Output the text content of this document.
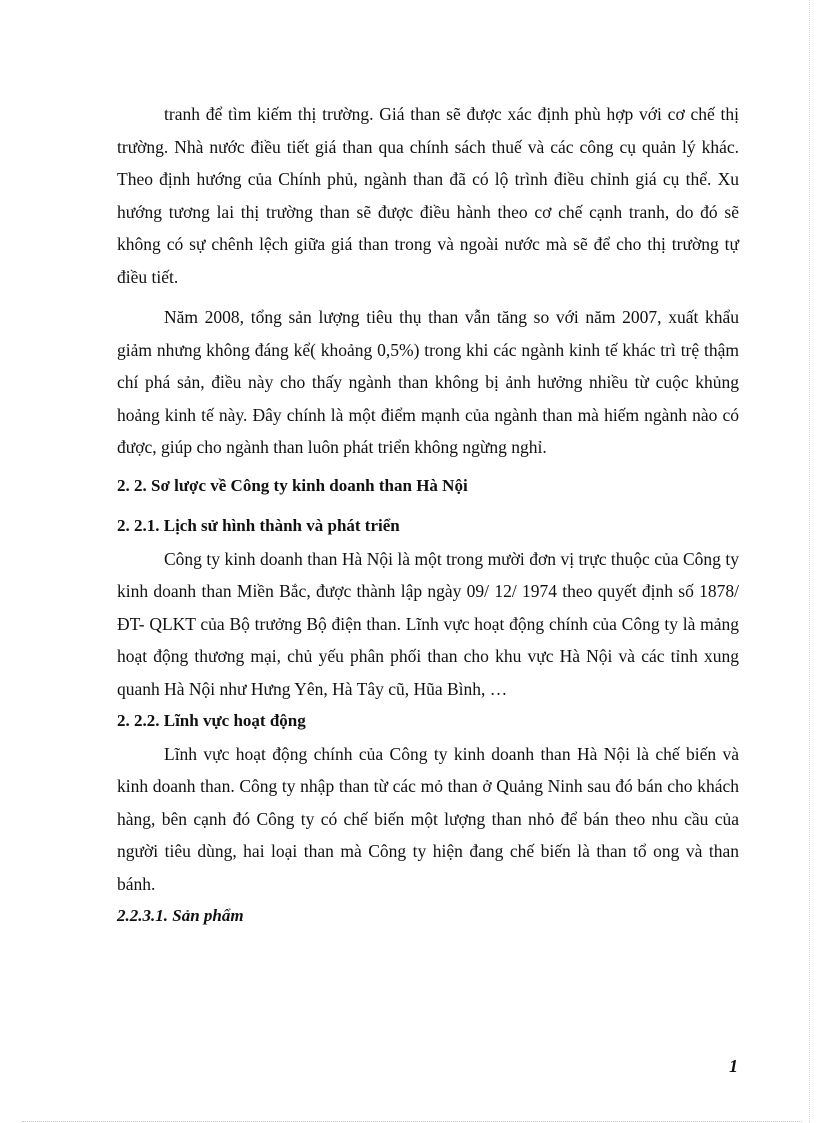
tranh để tìm kiếm thị trường. Giá than sẽ được xác định phù hợp với cơ chế thị trường. Nhà nước điều tiết giá than qua chính sách thuế và các công cụ quản lý khác. Theo định hướng của Chính phủ, ngành than đã có lộ trình điều chỉnh giá cụ thể. Xu hướng tương lai thị trường than sẽ được điều hành theo cơ chế cạnh tranh, do đó sẽ không có sự chênh lệch giữa giá than trong và ngoài nước mà sẽ để cho thị trường tự điều tiết.

Năm 2008, tổng sản lượng tiêu thụ than vẫn tăng so với năm 2007, xuất khẩu giảm nhưng không đáng kể( khoảng 0,5%) trong khi các ngành kinh tế khác trì trệ thậm chí phá sản, điều này cho thấy ngành than không bị ảnh hưởng nhiều từ cuộc khủng hoảng kinh tế này. Đây chính là một điểm mạnh của ngành than mà hiếm ngành nào có được, giúp cho ngành than luôn phát triển không ngừng nghỉ.

2. 2. Sơ lược về Công ty kinh doanh than Hà Nội

2. 2.1. Lịch sử hình thành và phát triển

Công ty kinh doanh than Hà Nội là một trong mười đơn vị trực thuộc của Công ty kinh doanh than Miền Bắc, được thành lập ngày 09/ 12/ 1974 theo quyết định số 1878/ ĐT- QLKT của Bộ trưởng Bộ điện than. Lĩnh vực hoạt động chính của Công ty là mảng hoạt động thương mại, chủ yếu phân phối than cho khu vực Hà Nội và các tỉnh xung quanh Hà Nội như Hưng Yên, Hà Tây cũ, Hũa Bình, …

2. 2.2. Lĩnh vực hoạt động

Lĩnh vực hoạt động chính của Công ty kinh doanh than Hà Nội là chế biến và kinh doanh than. Công ty nhập than từ các mỏ than ở Quảng Ninh sau đó bán cho khách hàng, bên cạnh đó Công ty có chế biến một lượng than nhỏ để bán theo nhu cầu của người tiêu dùng, hai loại than mà Công ty hiện đang chế biến là than tổ ong và than bánh.

2.2.3.1. Sản phẩm

1
